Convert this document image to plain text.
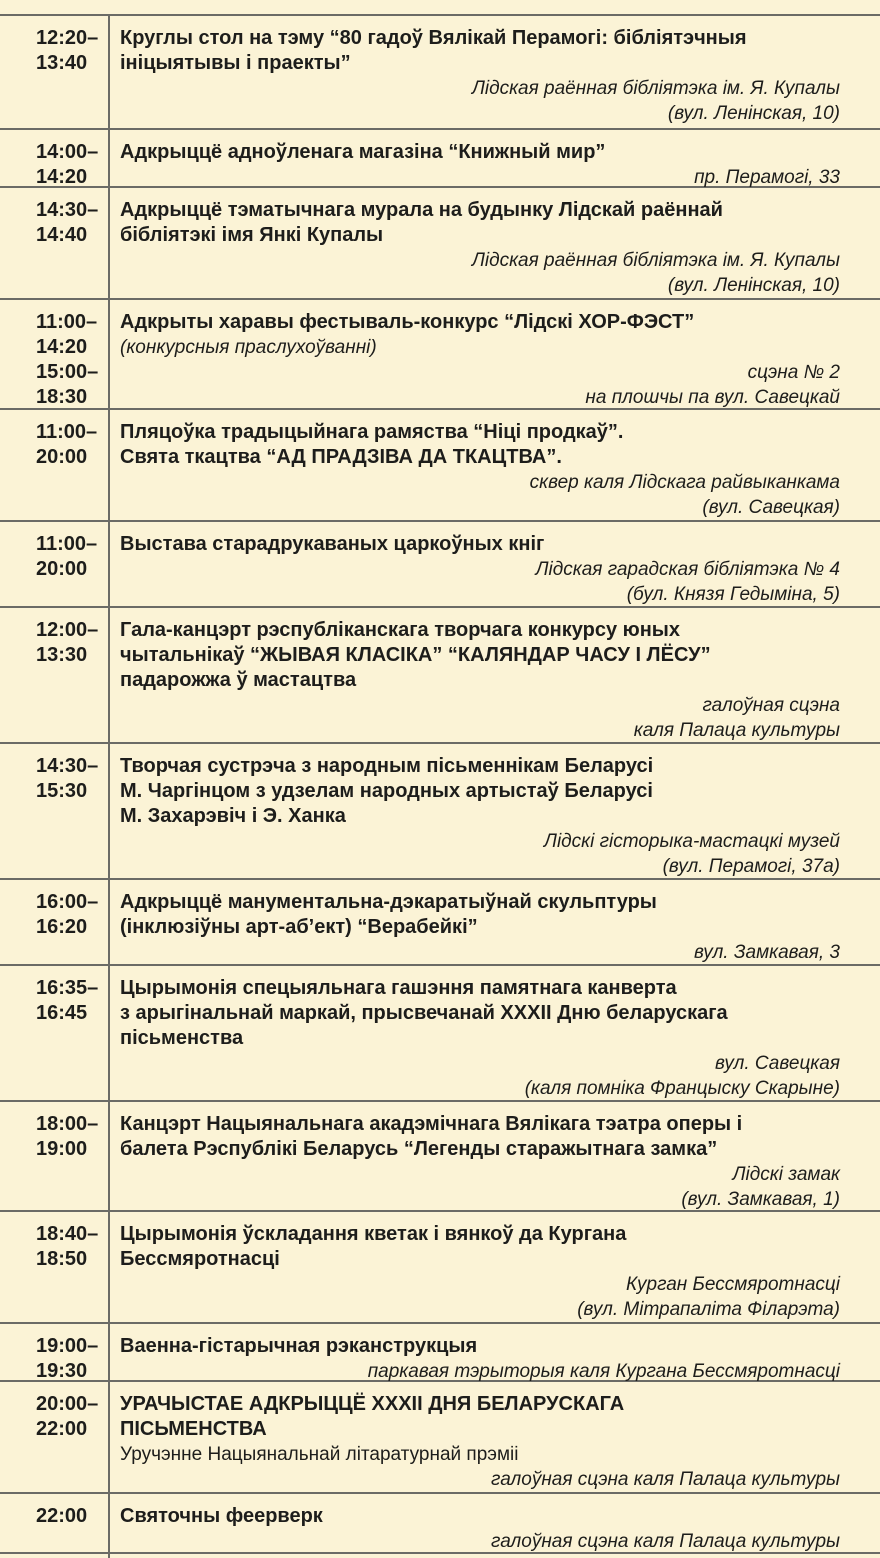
12:20–
13:40
Круглы стол на тэму “80 гадоў Вялікай Перамогі: бібліятэчныя
ініцыятывы і праекты”
Лідская раённая бібліятэка ім. Я. Купалы
(вул. Ленінская, 10)
14:00–
14:20
Адкрыццё адноўленага магазіна “Книжный мир”
пр. Перамогі, 33
14:30–
14:40
Адкрыццё тэматычнага мурала на будынку Лідскай раённай
бібліятэкі імя Янкі Купалы
Лідская раённая бібліятэка ім. Я. Купалы
(вул. Ленінская, 10)
11:00–
14:20
15:00–
18:30
Адкрыты харавы фестываль-конкурс “Лідскі ХОР-ФЭСТ”
(конкурсныя праслухоўванні)
сцэна № 2
на плошчы па вул. Савецкай
11:00–
20:00
Пляцоўка традыцыйнага рамяства “Ніці продкаў”.
Свята ткацтва “АД ПРАДЗІВА ДА ТКАЦТВА”.
сквер каля Лідскага райвыканкама
(вул. Савецкая)
11:00–
20:00
Выстава старадрукаваных царкоўных кніг
Лідская гарадская бібліятэка № 4
(бул. Князя Гедыміна, 5)
12:00–
13:30
Гала-канцэрт рэспубліканскага творчага конкурсу юных
чытальнікаў “ЖЫВАЯ КЛАСІКА” “КАЛЯНДАР ЧАСУ І ЛЁСУ”
падарожжа ў мастацтва
галоўная сцэна
каля Палаца культуры
14:30–
15:30
Творчая сустрэча з народным пісьменнікам Беларусі
М. Чаргінцом з удзелам народных артыстаў Беларусі
М. Захарэвіч і Э. Ханка
Лідскі гісторыка-мастацкі музей
(вул. Перамогі, 37а)
16:00–
16:20
Адкрыццё манументальна-дэкаратыўнай скульптуры
(інклюзіўны арт-аб’ект) “Верабейкі”
вул. Замкавая, 3
16:35–
16:45
Цырымонія спецыяльнага гашэння памятнага канверта
з арыгінальнай маркай, прысвечанай XXXII Дню беларускага
пісьменства
вул. Савецкая
(каля помніка Францыску Скарыне)
18:00–
19:00
Канцэрт Нацыянальнага акадэмічнага Вялікага тэатра оперы і
балета Рэспублікі Беларусь “Легенды старажытнага замка”
Лідскі замак
(вул. Замкавая, 1)
18:40–
18:50
Цырымонія ўскладання кветак і вянкоў да Кургана
Бессмяротнасці
Курган Бессмяротнасці
(вул. Мітрапаліта Філарэта)
19:00–
19:30
Ваенна-гістарычная рэканструкцыя
паркавая тэрыторыя каля Кургана Бессмяротнасці
20:00–
22:00
УРАЧЫСТАЕ АДКРЫЦЦЁ XXXII ДНЯ БЕЛАРУСКАГА
ПІСЬМЕНСТВА
Уручэнне Нацыянальнай літаратурнай прэміі
галоўная сцэна каля Палаца культуры
22:00 Святочны феерверк
галоўная сцэна каля Палаца культуры
